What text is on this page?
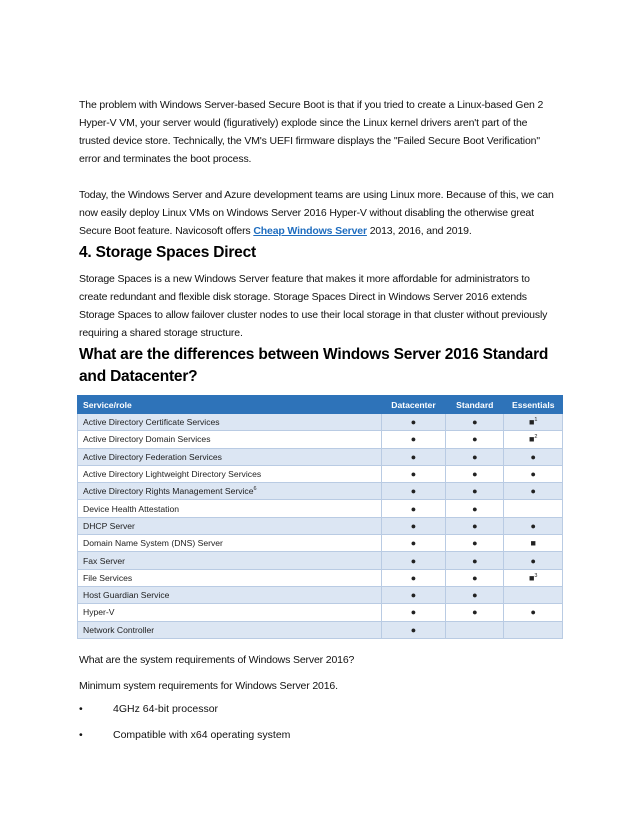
The problem with Windows Server-based Secure Boot is that if you tried to create a Linux-based Gen 2
Hyper-V VM, your server would (figuratively) explode since the Linux kernel drivers aren't part of the
trusted device store. Technically, the VM's UEFI firmware displays the "Failed Secure Boot Verification"
error and terminates the boot process.

Today, the Windows Server and Azure development teams are using Linux more. Because of this, we can
now easily deploy Linux VMs on Windows Server 2016 Hyper-V without disabling the otherwise great
Secure Boot feature. Navicosoft offers Cheap Windows Server 2013, 2016, and 2019.

4. Storage Spaces Direct

Storage Spaces is a new Windows Server feature that makes it more affordable for administrators to
create redundant and flexible disk storage. Storage Spaces Direct in Windows Server 2016 extends
Storage Spaces to allow failover cluster nodes to use their local storage in that cluster without previously
requiring a shared storage structure.

What are the differences between Windows Server 2016 Standard
and Datacenter?
Service/role	Datacenter	Standard	Essentials
Active Directory Certificate Services	●	●	■$^1$
Active Directory Domain Services	●	●	■$^2$
Active Directory Federation Services	●	●	●
Active Directory Lightweight Directory Services	●	●	●
Active Directory Rights Management Service$^6$	●	●	●
Device Health Attestation	●	●	
DHCP Server	●	●	●
Domain Name System (DNS) Server	●	●	■
Fax Server	●	●	●
File Services	●	●	■$^3$
Host Guardian Service	●	●	
Hyper-V	●	●	●
Network Controller	●		

What are the system requirements of Windows Server 2016?

Minimum system requirements for Windows Server 2016.

•	4GHz 64-bit processor
•	Compatible with x64 operating system
